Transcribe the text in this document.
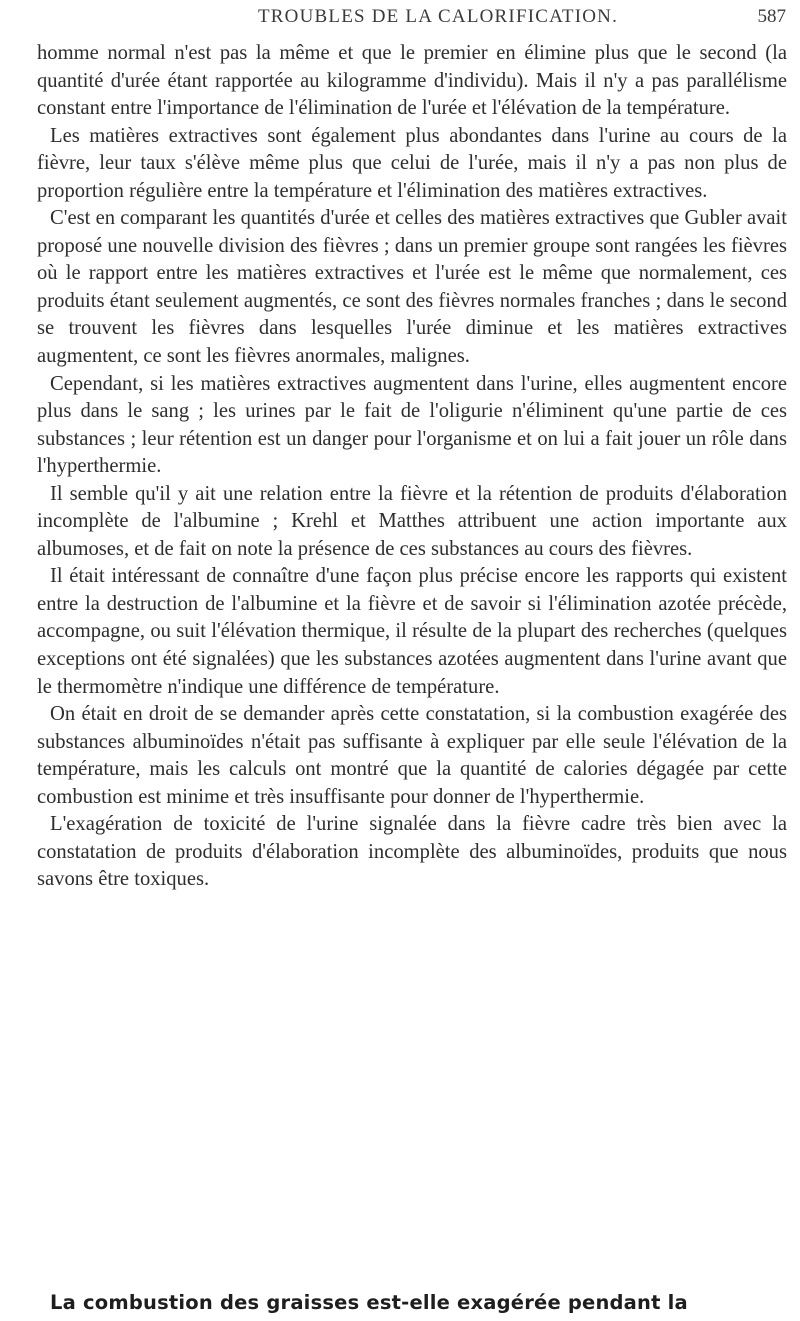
TROUBLES DE LA CALORIFICATION.	587

homme normal n'est pas la même et que le premier en élimine plus que le second (la quantité d'urée étant rapportée au kilogramme d'individu). Mais il n'y a pas parallélisme constant entre l'importance de l'élimination de l'urée et l'élévation de la température.

Les matières extractives sont également plus abondantes dans l'urine au cours de la fièvre, leur taux s'élève même plus que celui de l'urée, mais il n'y a pas non plus de proportion régulière entre la température et l'élimination des matières extractives.

C'est en comparant les quantités d'urée et celles des matières extractives que Gubler avait proposé une nouvelle division des fièvres ; dans un premier groupe sont rangées les fièvres où le rapport entre les matières extractives et l'urée est le même que normalement, ces produits étant seulement augmentés, ce sont des fièvres normales franches ; dans le second se trouvent les fièvres dans lesquelles l'urée diminue et les matières extractives augmentent, ce sont les fièvres anormales, malignes.

Cependant, si les matières extractives augmentent dans l'urine, elles augmentent encore plus dans le sang ; les urines par le fait de l'oligurie n'éliminent qu'une partie de ces substances ; leur rétention est un danger pour l'organisme et on lui a fait jouer un rôle dans l'hyperthermie.

Il semble qu'il y ait une relation entre la fièvre et la rétention de produits d'élaboration incomplète de l'albumine ; Krehl et Matthes attribuent une action importante aux albumoses, et de fait on note la présence de ces substances au cours des fièvres.

Il était intéressant de connaître d'une façon plus précise encore les rapports qui existent entre la destruction de l'albumine et la fièvre et de savoir si l'élimination azotée précède, accompagne, ou suit l'élévation thermique, il résulte de la plupart des recherches (quelques exceptions ont été signalées) que les substances azotées augmentent dans l'urine avant que le thermomètre n'indique une différence de température.

On était en droit de se demander après cette constatation, si la combustion exagérée des substances albuminoïdes n'était pas suffisante à expliquer par elle seule l'élévation de la température, mais les calculs ont montré que la quantité de calories dégagée par cette combustion est minime et très insuffisante pour donner de l'hyperthermie.

L'exagération de toxicité de l'urine signalée dans la fièvre cadre très bien avec la constatation de produits d'élaboration incomplète des albuminoïdes, produits que nous savons être toxiques.

La combustion des graisses est-elle exagérée pendant la
